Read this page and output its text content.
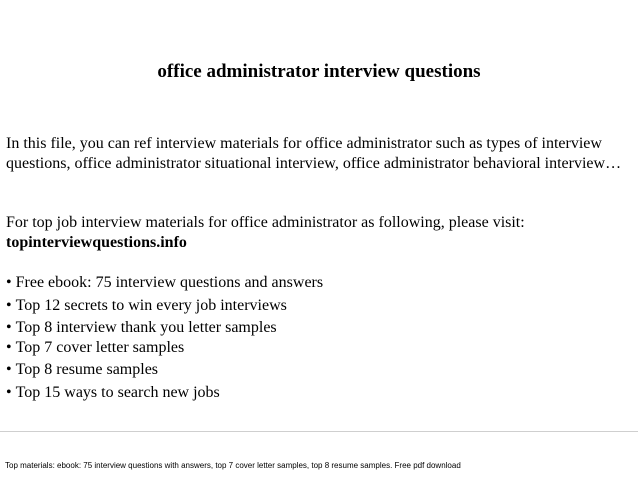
office administrator interview questions

In this file, you can ref interview materials for office administrator such as types of interview questions, office administrator situational interview, office administrator behavioral interview…

For top job interview materials for office administrator as following, please visit:
topinterviewquestions.info

• Free ebook: 75 interview questions and answers
• Top 12 secrets to win every job interviews
• Top 8 interview thank you letter samples
• Top 7 cover letter samples
• Top 8 resume samples
• Top 15 ways to search new jobs
Top materials: ebook: 75 interview questions with answers, top 7 cover letter samples, top 8 resume samples. Free pdf download
